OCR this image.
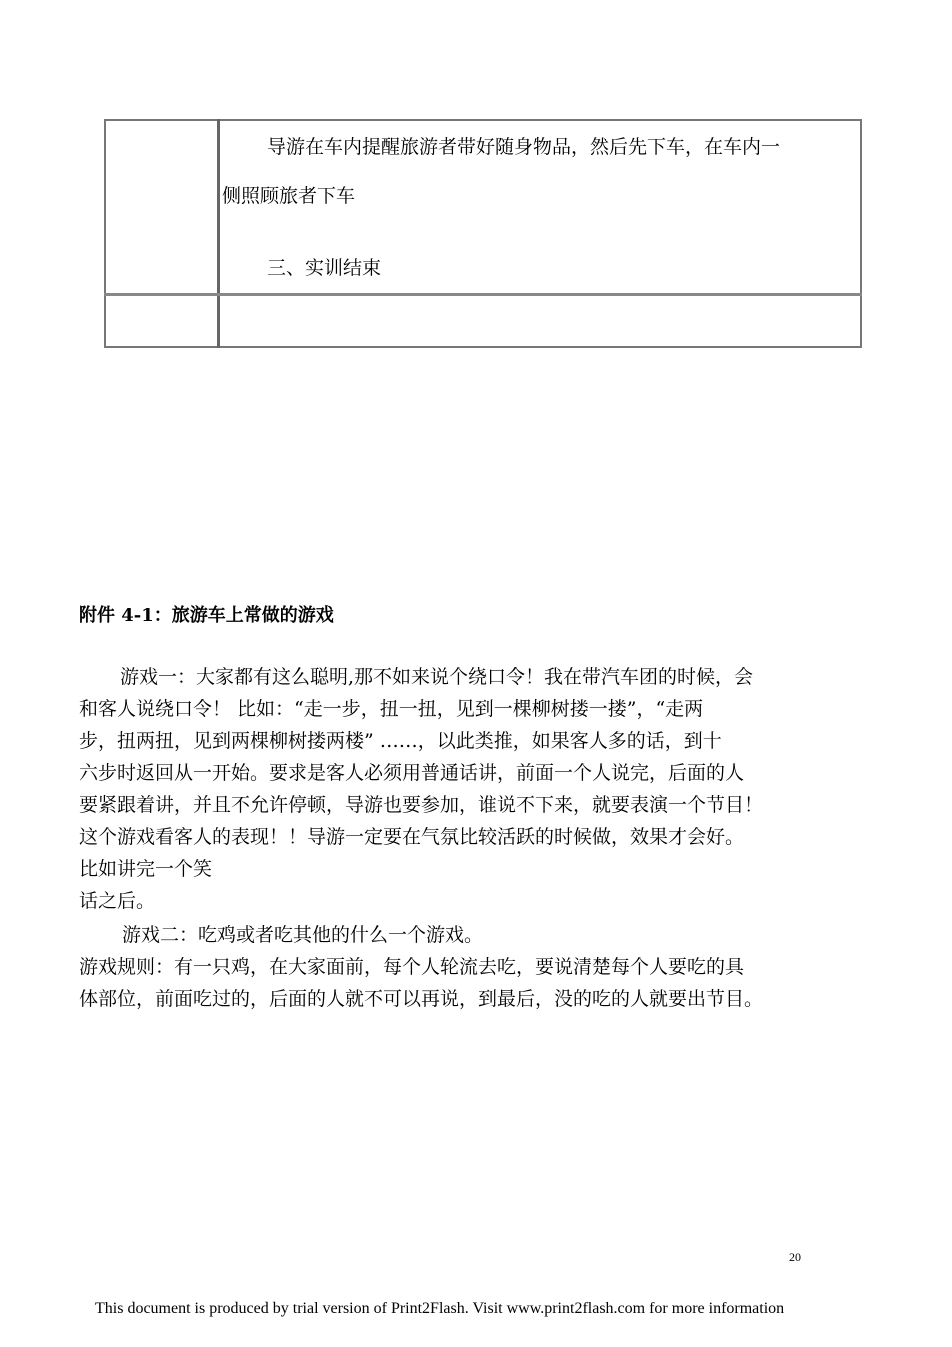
导游在车内提醒旅游者带好随身物品，然后先下车，在车内一
侧照顾旅者下车
三、实训结束
附件 4-1：旅游车上常做的游戏
游戏一：大家都有这么聪明,那不如来说个绕口令！我在带汽车团的时候，会
和客人说绕口令！ 比如：“走一步，扭一扭，见到一棵柳树搂一搂”，“走两
步，扭两扭，见到两棵柳树搂两楼” ……，以此类推，如果客人多的话，到十
六步时返回从一开始。要求是客人必须用普通话讲，前面一个人说完，后面的人
要紧跟着讲，并且不允许停顿，导游也要参加，谁说不下来，就要表演一个节目！
这个游戏看客人的表现！！导游一定要在气氛比较活跃的时候做，效果才会好。
比如讲完一个笑
话之后。
游戏二：吃鸡或者吃其他的什么一个游戏。
游戏规则：有一只鸡，在大家面前，每个人轮流去吃，要说清楚每个人要吃的具
体部位，前面吃过的，后面的人就不可以再说，到最后，没的吃的人就要出节目。
20
This document is produced by trial version of Print2Flash. Visit www.print2flash.com for more information
